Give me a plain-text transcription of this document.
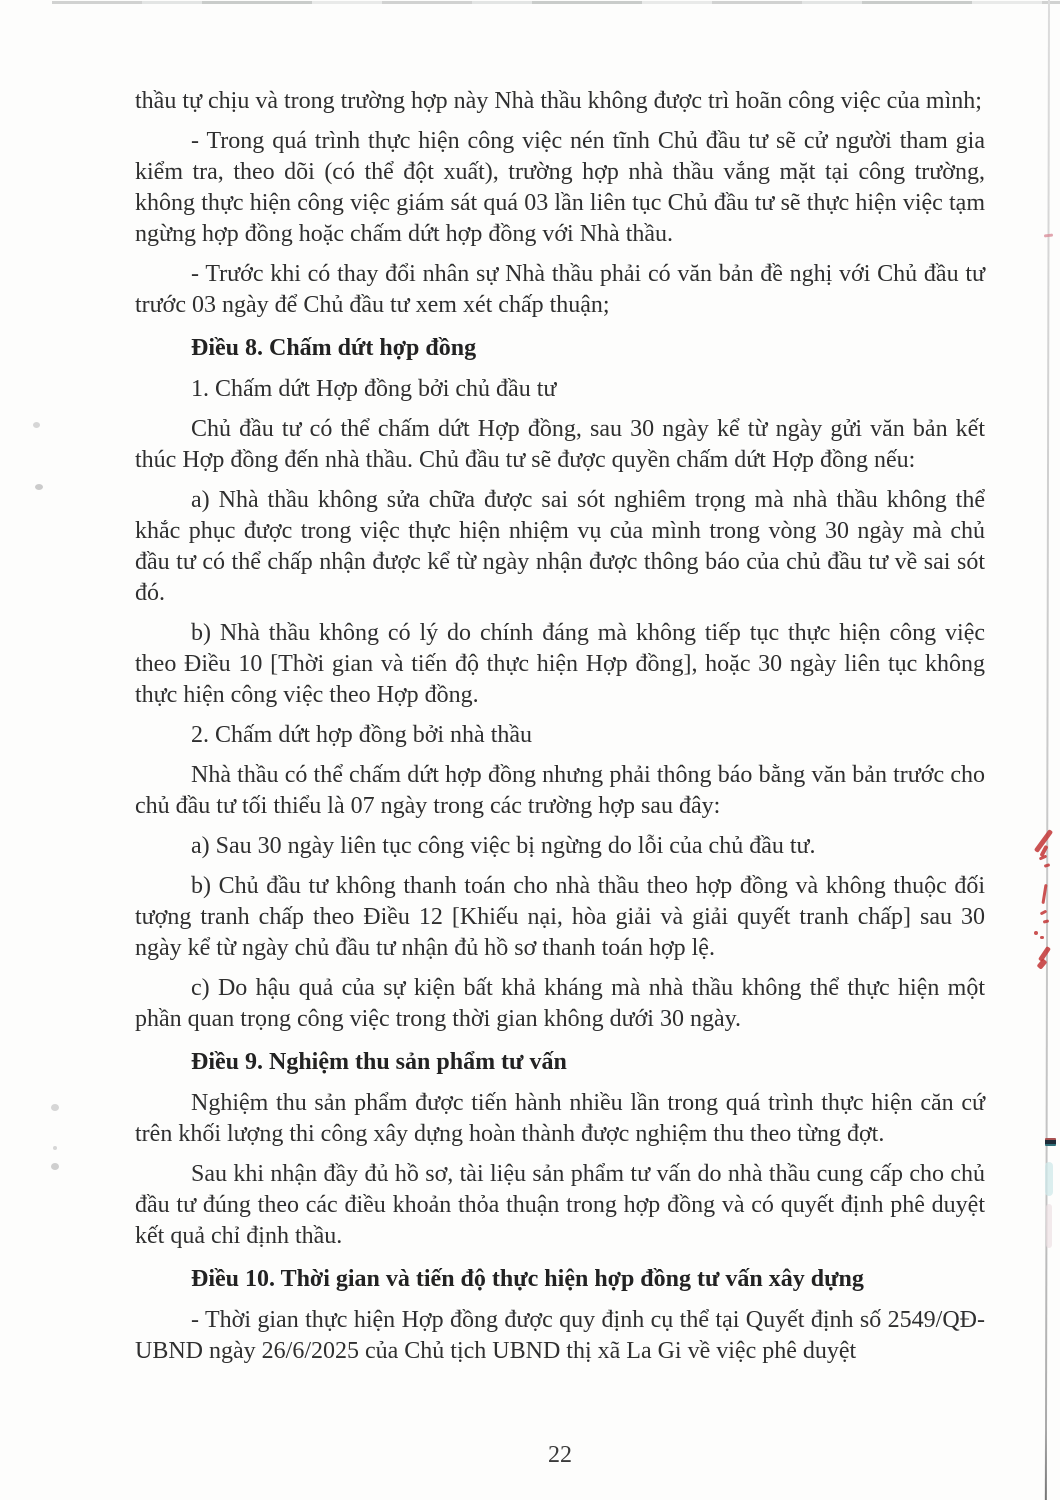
thầu tự chịu và trong trường hợp này Nhà thầu không được trì hoãn công việc của mình;

- Trong quá trình thực hiện công việc nén tĩnh Chủ đầu tư sẽ cử người tham gia kiểm tra, theo dõi (có thể đột xuất), trường hợp nhà thầu vắng mặt tại công trường, không thực hiện công việc giám sát quá 03 lần liên tục Chủ đầu tư sẽ thực hiện việc tạm ngừng hợp đồng hoặc chấm dứt hợp đồng với Nhà thầu.

- Trước khi có thay đổi nhân sự Nhà thầu phải có văn bản đề nghị với Chủ đầu tư trước 03 ngày để Chủ đầu tư xem xét chấp thuận;

Điều 8. Chấm dứt hợp đồng

1. Chấm dứt Hợp đồng bởi chủ đầu tư

Chủ đầu tư có thể chấm dứt Hợp đồng, sau 30 ngày kể từ ngày gửi văn bản kết thúc Hợp đồng đến nhà thầu. Chủ đầu tư sẽ được quyền chấm dứt Hợp đồng nếu:

a) Nhà thầu không sửa chữa được sai sót nghiêm trọng mà nhà thầu không thể khắc phục được trong việc thực hiện nhiệm vụ của mình trong vòng 30 ngày mà chủ đầu tư có thể chấp nhận được kể từ ngày nhận được thông báo của chủ đầu tư về sai sót đó.

b) Nhà thầu không có lý do chính đáng mà không tiếp tục thực hiện công việc theo Điều 10 [Thời gian và tiến độ thực hiện Hợp đồng], hoặc 30 ngày liên tục không thực hiện công việc theo Hợp đồng.

2. Chấm dứt hợp đồng bởi nhà thầu

Nhà thầu có thể chấm dứt hợp đồng nhưng phải thông báo bằng văn bản trước cho chủ đầu tư tối thiểu là 07 ngày trong các trường hợp sau đây:

a) Sau 30 ngày liên tục công việc bị ngừng do lỗi của chủ đầu tư.

b) Chủ đầu tư không thanh toán cho nhà thầu theo hợp đồng và không thuộc đối tượng tranh chấp theo Điều 12 [Khiếu nại, hòa giải và giải quyết tranh chấp] sau 30 ngày kể từ ngày chủ đầu tư nhận đủ hồ sơ thanh toán hợp lệ.

c) Do hậu quả của sự kiện bất khả kháng mà nhà thầu không thể thực hiện một phần quan trọng công việc trong thời gian không dưới 30 ngày.

Điều 9. Nghiệm thu sản phẩm tư vấn

Nghiệm thu sản phẩm được tiến hành nhiều lần trong quá trình thực hiện căn cứ trên khối lượng thi công xây dựng hoàn thành được nghiệm thu theo từng đợt.

Sau khi nhận đầy đủ hồ sơ, tài liệu sản phẩm tư vấn do nhà thầu cung cấp cho chủ đầu tư đúng theo các điều khoản thỏa thuận trong hợp đồng và có quyết định phê duyệt kết quả chỉ định thầu.

Điều 10. Thời gian và tiến độ thực hiện hợp đồng tư vấn xây dựng

- Thời gian thực hiện Hợp đồng được quy định cụ thể tại Quyết định số 2549/QĐ-UBND ngày 26/6/2025 của Chủ tịch UBND thị xã La Gi về việc phê duyệt

22
